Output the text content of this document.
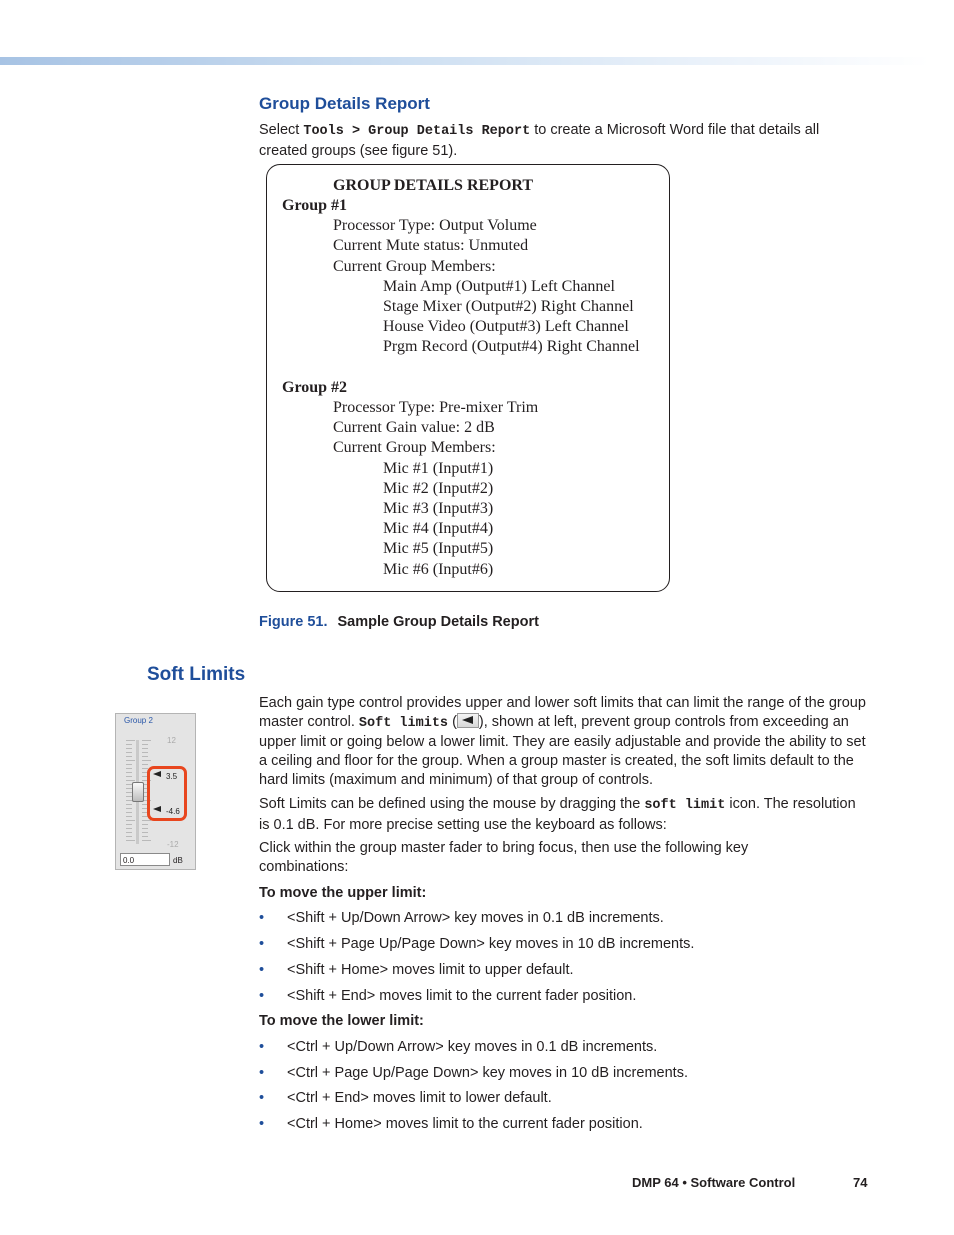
Group Details Report

Select Tools > Group Details Report to create a Microsoft Word file that details all created groups (see figure 51).

GROUP DETAILS REPORT
Group #1
Processor Type: Output Volume
Current Mute status: Unmuted
Current Group Members:
Main Amp (Output#1) Left Channel
Stage Mixer (Output#2) Right Channel
House Video (Output#3) Left Channel
Prgm Record (Output#4) Right Channel
Group #2
Processor Type: Pre-mixer Trim
Current Gain value: 2 dB
Current Group Members:
Mic #1 (Input#1)
Mic #2 (Input#2)
Mic #3 (Input#3)
Mic #4 (Input#4)
Mic #5 (Input#5)
Mic #6 (Input#6)

Figure 51. Sample Group Details Report

Soft Limits
Group 2
12
-12
3.5
-4.6
0.0	dB

Each gain type control provides upper and lower soft limits that can limit the range of the group master control. Soft limits ( ), shown at left, prevent group controls from exceeding an upper limit or going below a lower limit. They are easily adjustable and provide the ability to set a ceiling and floor for the group. When a group master is created, the soft limits default to the hard limits (maximum and minimum) of that group of controls.

Soft Limits can be defined using the mouse by dragging the soft limit icon. The resolution is 0.1 dB. For more precise setting use the keyboard as follows:

Click within the group master fader to bring focus, then use the following key combinations:

To move the upper limit:

• <Shift + Up/Down Arrow> key moves in 0.1 dB increments.
• <Shift + Page Up/Page Down> key moves in 10 dB increments.
• <Shift + Home> moves limit to upper default.
• <Shift + End> moves limit to the current fader position.

To move the lower limit:

• <Ctrl + Up/Down Arrow> key moves in 0.1 dB increments.
• <Ctrl + Page Up/Page Down> key moves in 10 dB increments.
• <Ctrl + End> moves limit to lower default.
• <Ctrl + Home> moves limit to the current fader position.

DMP 64 • Software Control	74
